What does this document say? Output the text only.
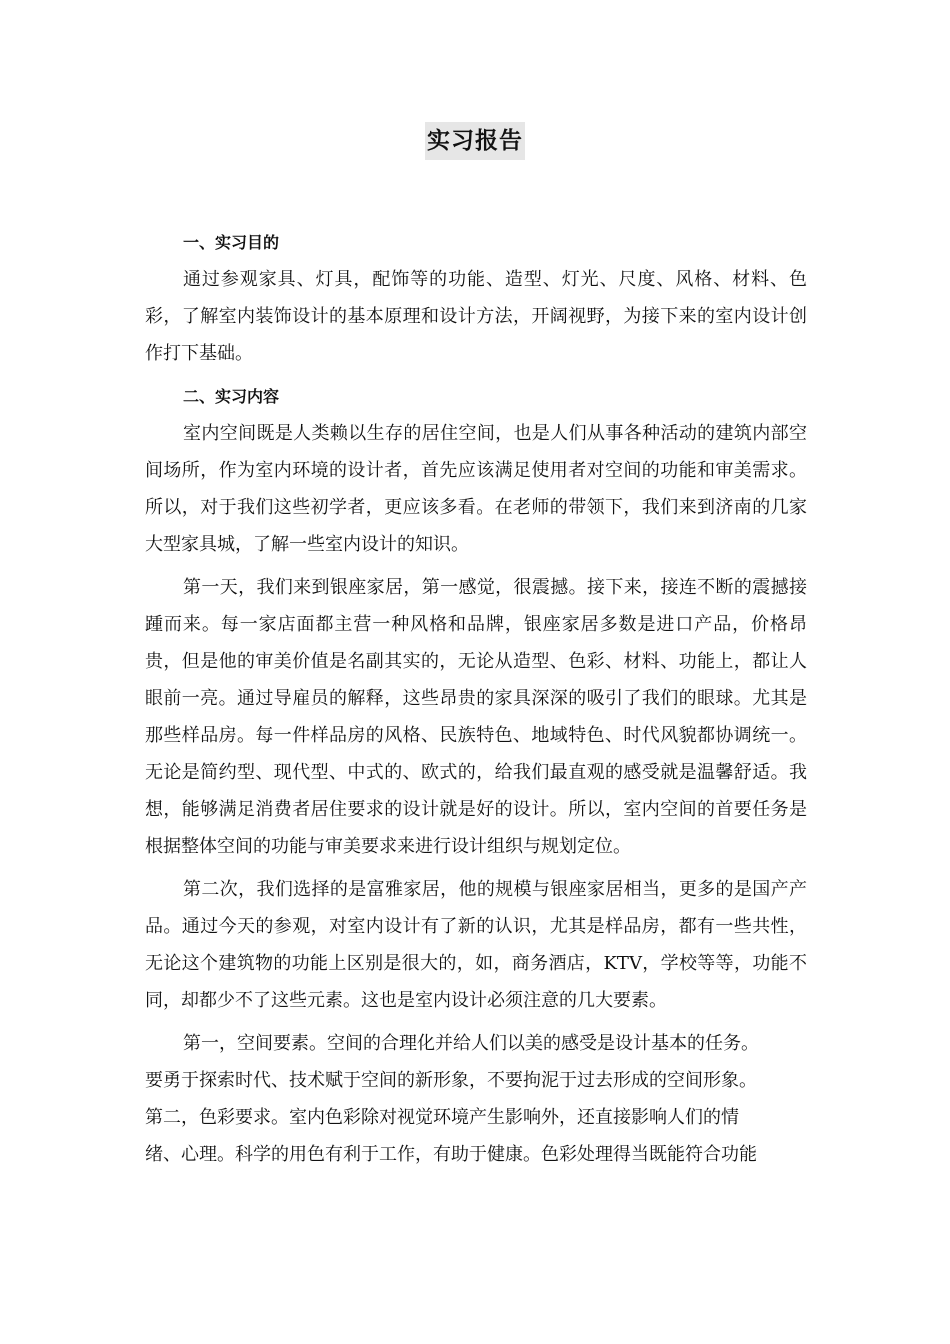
实习报告

一、实习目的

通过参观家具、灯具，配饰等的功能、造型、灯光、尺度、风格、材料、色彩，了解室内装饰设计的基本原理和设计方法，开阔视野，为接下来的室内设计创作打下基础。

二、实习内容

室内空间既是人类赖以生存的居住空间，也是人们从事各种活动的建筑内部空间场所，作为室内环境的设计者，首先应该满足使用者对空间的功能和审美需求。所以，对于我们这些初学者，更应该多看。在老师的带领下，我们来到济南的几家大型家具城，了解一些室内设计的知识。

第一天，我们来到银座家居，第一感觉，很震撼。接下来，接连不断的震撼接踵而来。每一家店面都主营一种风格和品牌，银座家居多数是进口产品，价格昂贵，但是他的审美价值是名副其实的，无论从造型、色彩、材料、功能上，都让人眼前一亮。通过导雇员的解释，这些昂贵的家具深深的吸引了我们的眼球。尤其是那些样品房。每一件样品房的风格、民族特色、地域特色、时代风貌都协调统一。无论是简约型、现代型、中式的、欧式的，给我们最直观的感受就是温馨舒适。我想，能够满足消费者居住要求的设计就是好的设计。所以，室内空间的首要任务是根据整体空间的功能与审美要求来进行设计组织与规划定位。

第二次，我们选择的是富雅家居，他的规模与银座家居相当，更多的是国产产品。通过今天的参观，对室内设计有了新的认识，尤其是样品房，都有一些共性，无论这个建筑物的功能上区别是很大的，如，商务酒店，KTV，学校等等，功能不同，却都少不了这些元素。这也是室内设计必须注意的几大要素。

第一，空间要素。空间的合理化并给人们以美的感受是设计基本的任务。
要勇于探索时代、技术赋于空间的新形象，不要拘泥于过去形成的空间形象。
第二，色彩要求。室内色彩除对视觉环境产生影响外，还直接影响人们的情
绪、心理。科学的用色有利于工作，有助于健康。色彩处理得当既能符合功能
